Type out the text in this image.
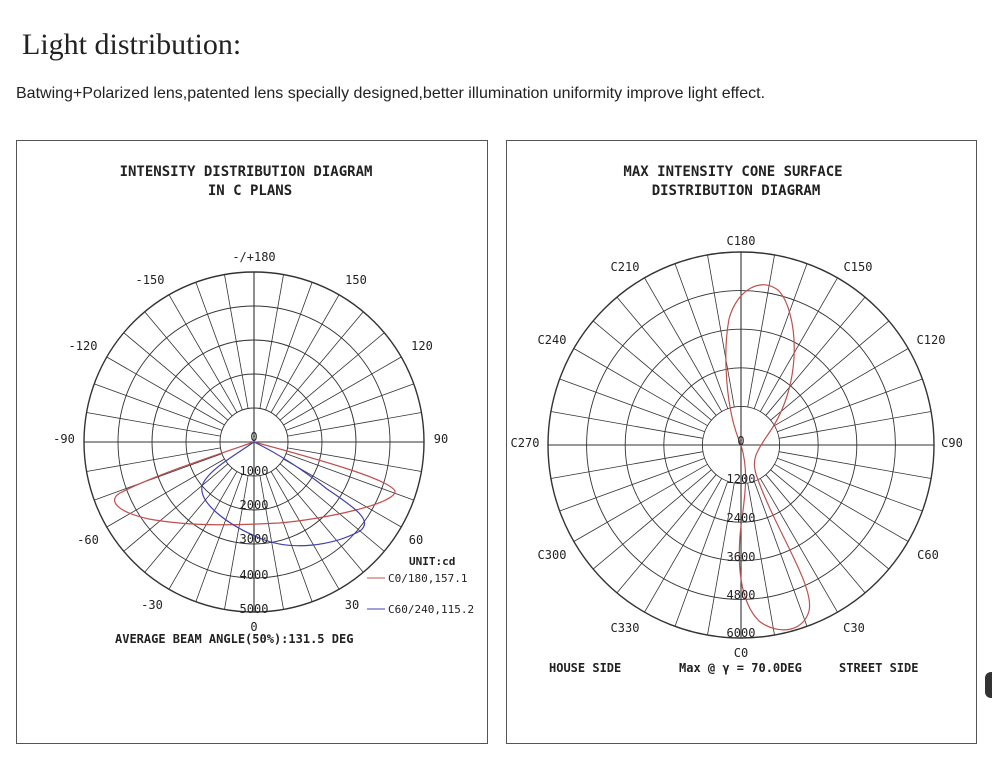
Light distribution:
Batwing+Polarized lens,patented lens specially designed,better illumination uniformity improve light effect.
INTENSITY DISTRIBUTION DIAGRAM
IN C PLANS
-/+180
-150	150
-120	120
-90	90
-60	60
-30	30
0
1000
2000
3000
4000
5000
0
UNIT:cd
C0/180,157.1
C60/240,115.2
AVERAGE BEAM ANGLE(50%):131.5 DEG
MAX INTENSITY CONE SURFACE
DISTRIBUTION DIAGRAM
C180
C210	C150
C240	C120
C270	C90
C300	C60
C330	C30
0
1200
2400
3600
4800
6000
C0
HOUSE SIDE	Max @ γ = 70.0DEG	STREET SIDE
